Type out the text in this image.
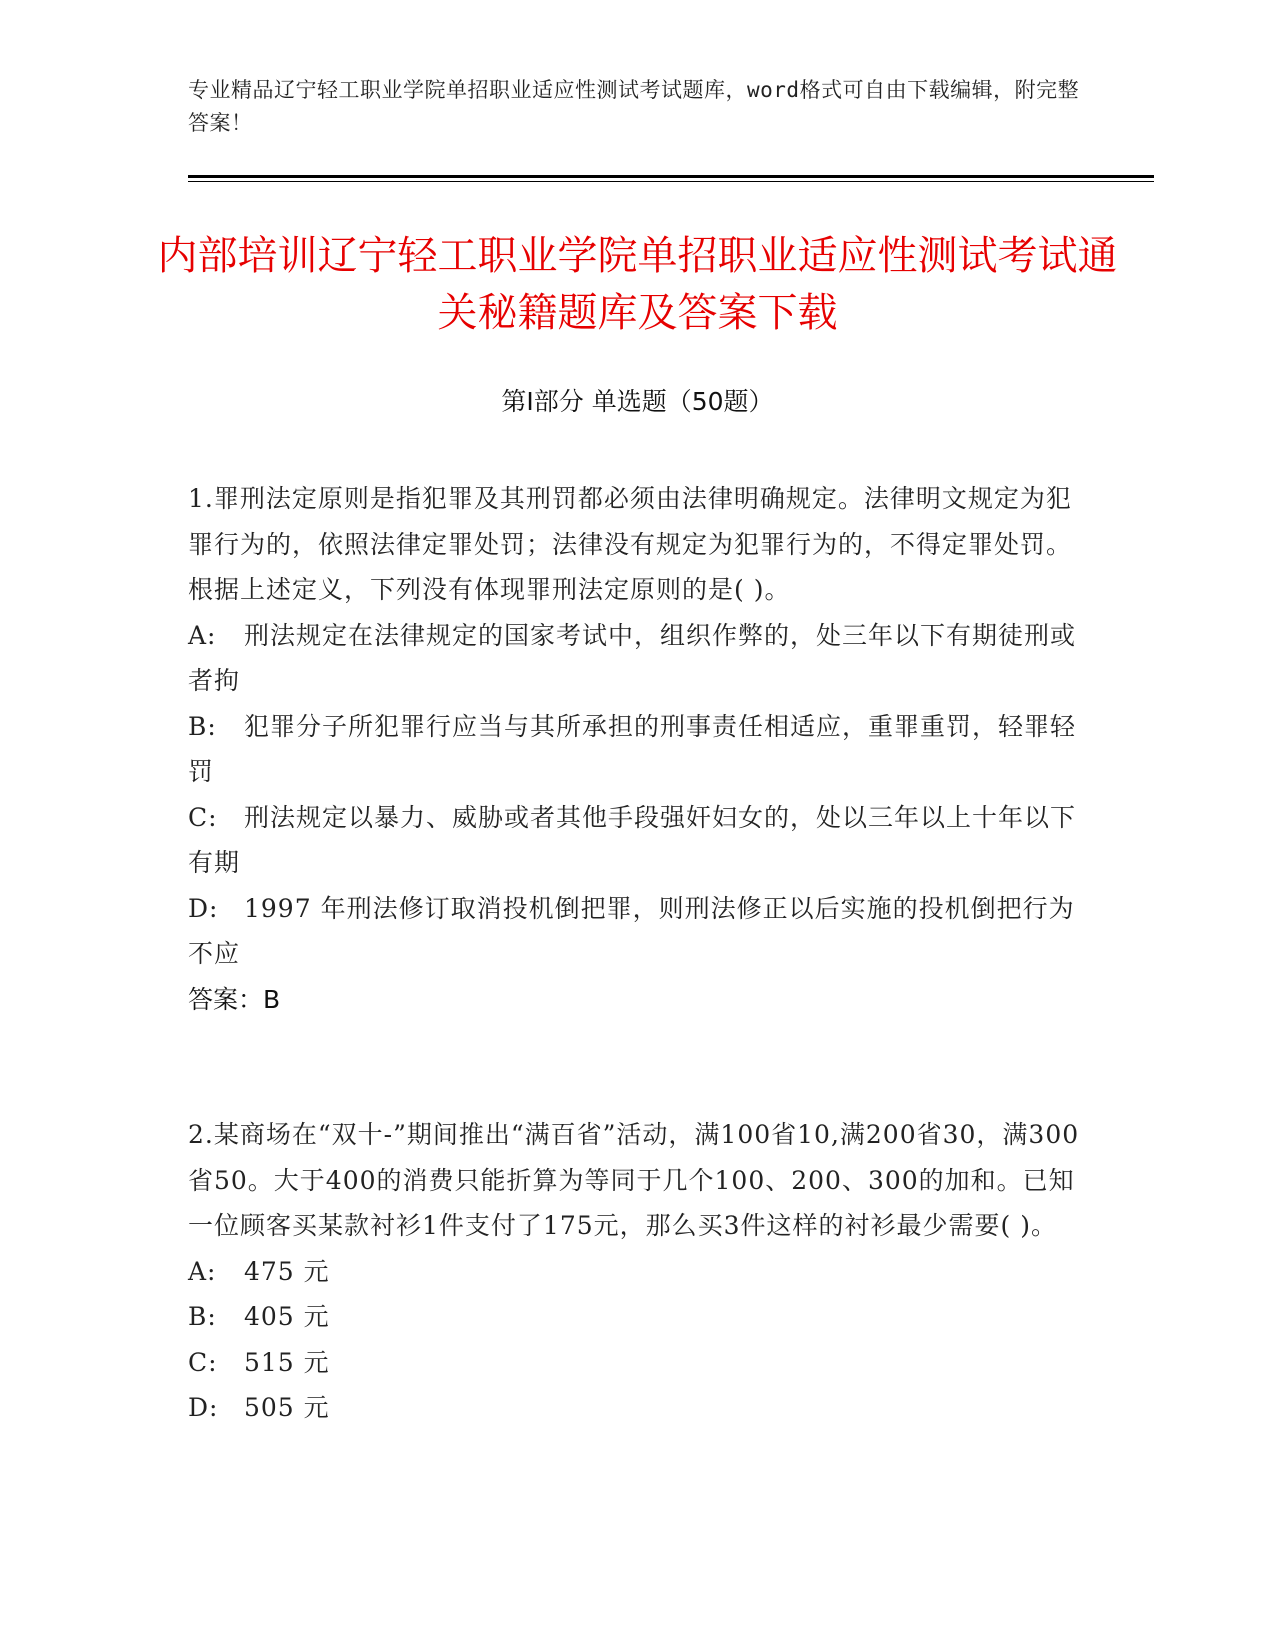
专业精品辽宁轻工职业学院单招职业适应性测试考试题库，word格式可自由下载编辑，附完整答案！
内部培训辽宁轻工职业学院单招职业适应性测试考试通关秘籍题库及答案下载
第Ⅰ部分 单选题（50题）

1.罪刑法定原则是指犯罪及其刑罚都必须由法律明确规定。法律明文规定为犯罪行为的，依照法律定罪处罚；法律没有规定为犯罪行为的，不得定罪处罚。根据上述定义，下列没有体现罪刑法定原则的是( )。

A: 刑法规定在法律规定的国家考试中，组织作弊的，处三年以下有期徒刑或者拘
B: 犯罪分子所犯罪行应当与其所承担的刑事责任相适应，重罪重罚，轻罪轻罚
C: 刑法规定以暴力、威胁或者其他手段强奸妇女的，处以三年以上十年以下有期
D: 1997 年刑法修订取消投机倒把罪，则刑法修正以后实施的投机倒把行为不应
答案：B

2.某商场在“双十-”期间推出“满百省”活动，满100省10,满200省30，满300省50。大于400的消费只能折算为等同于几个100、200、300的加和。已知一位顾客买某款衬衫1件支付了175元，那么买3件这样的衬衫最少需要( )。

A:	475 元
B:	405 元
C:	515 元
D:	505 元
